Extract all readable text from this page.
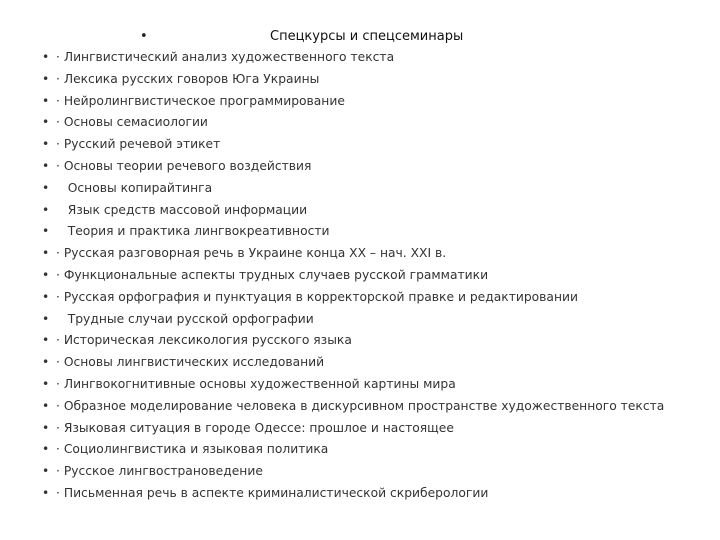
•	Спецкурсы и спецсеминары
• · Лингвистический анализ художественного текста
• · Лексика русских говоров Юга Украины
• · Нейролингвистическое программирование
• · Основы семасиологии
• · Русский речевой этикет
• · Основы теории речевого воздействия
• Основы копирайтинга
• Язык средств массовой информации
• Теория и практика лингвокреативности
• · Русская разговорная речь в Украине конца XX – нач. XXI в.
• · Функциональные аспекты трудных случаев русской грамматики
• · Русская орфография и пунктуация в корректорской правке и редактировании
• Трудные случаи русской орфографии
• · Историческая лексикология русского языка
• · Основы лингвистических исследований
• · Лингвокогнитивные основы художественной картины мира
• · Образное моделирование человека в дискурсивном пространстве художественного текста
• · Языковая ситуация в городе Одессе: прошлое и настоящее
• · Социолингвистика и языковая политика
• · Русское лингвострановедение
• · Письменная речь в аспекте криминалистической скриберологии
